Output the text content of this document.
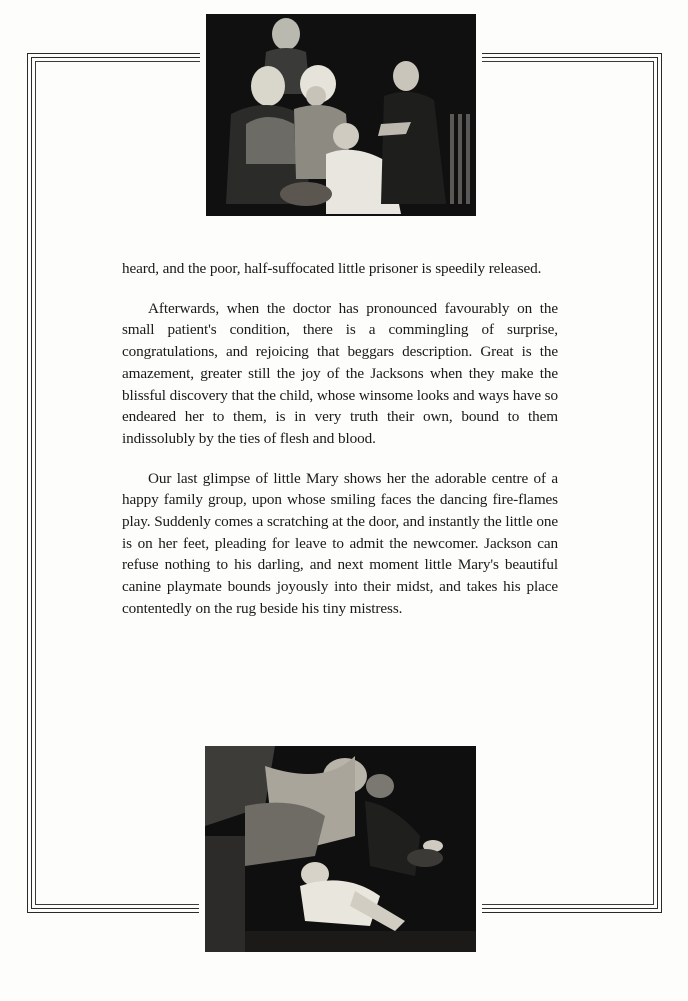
heard, and the poor, half-suffocated little prisoner is speedily released.

Afterwards, when the doctor has pronounced favourably on the small patient's condition, there is a commingling of surprise, congratulations, and rejoicing that beggars description. Great is the amazement, greater still the joy of the Jacksons when they make the blissful discovery that the child, whose winsome looks and ways have so endeared her to them, is in very truth their own, bound to them indissolubly by the ties of flesh and blood.

Our last glimpse of little Mary shows her the adorable centre of a happy family group, upon whose smiling faces the dancing fire-flames play. Suddenly comes a scratching at the door, and instantly the little one is on her feet, pleading for leave to admit the newcomer. Jackson can refuse nothing to his darling, and next moment little Mary's beautiful canine playmate bounds joyously into their midst, and takes his place contentedly on the rug beside his tiny mistress.
